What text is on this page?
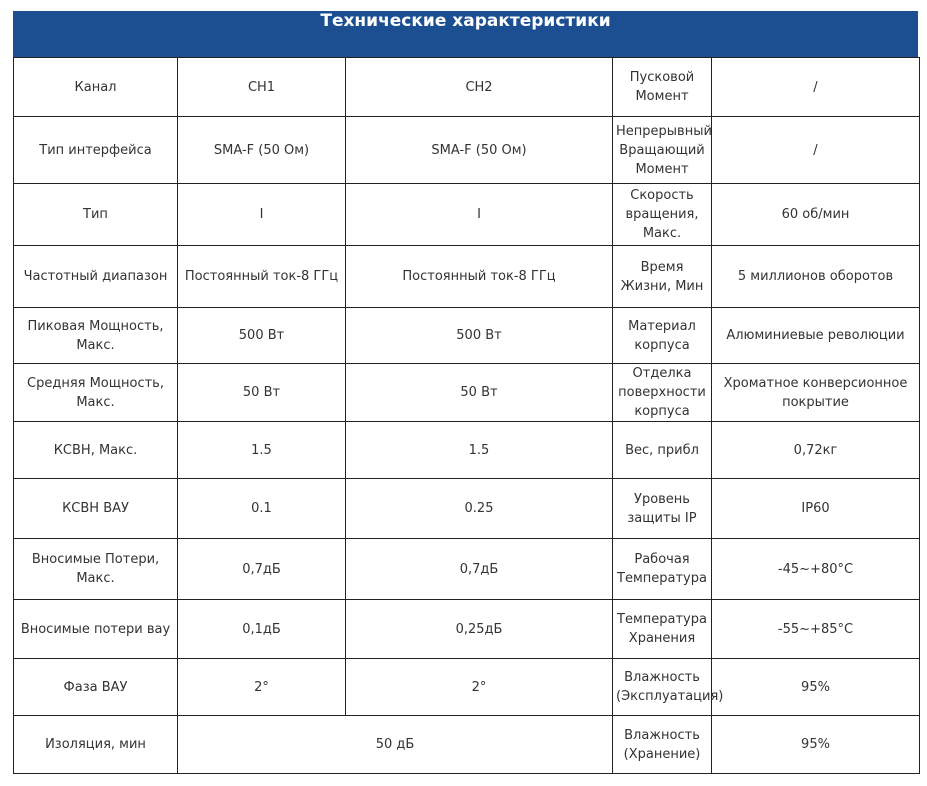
Технические характеристики
Канал	CH1	CH2	Пусковой Момент	/
Тип интерфейса	SMA-F (50 Ом)	SMA-F (50 Ом)	Непрерывный Вращающий Момент	/
Тип	I	I	Скорость вращения, Макс.	60 об/мин
Частотный диапазон	Постоянный ток-8 ГГц	Постоянный ток-8 ГГц	Время Жизни, Мин	5 миллионов оборотов
Пиковая Мощность, Макс.	500 Вт	500 Вт	Материал корпуса	Алюминиевые революции
Средняя Мощность, Макс.	50 Вт	50 Вт	Отделка поверхности корпуса	Хроматное конверсионное покрытие
КСВН, Макс.	1.5	1.5	Вес, прибл	0,72кг
КСВН ВАУ	0.1	0.25	Уровень защиты IP	IP60
Вносимые Потери, Макс.	0,7дБ	0,7дБ	Рабочая Температура	-45~+80°C
Вносимые потери вау	0,1дБ	0,25дБ	Температура Хранения	-55~+85°C
Фаза ВАУ	2°	2°	Влажность (Эксплуатация)	95%
Изоляция, мин	50 дБ		Влажность (Хранение)	95%
